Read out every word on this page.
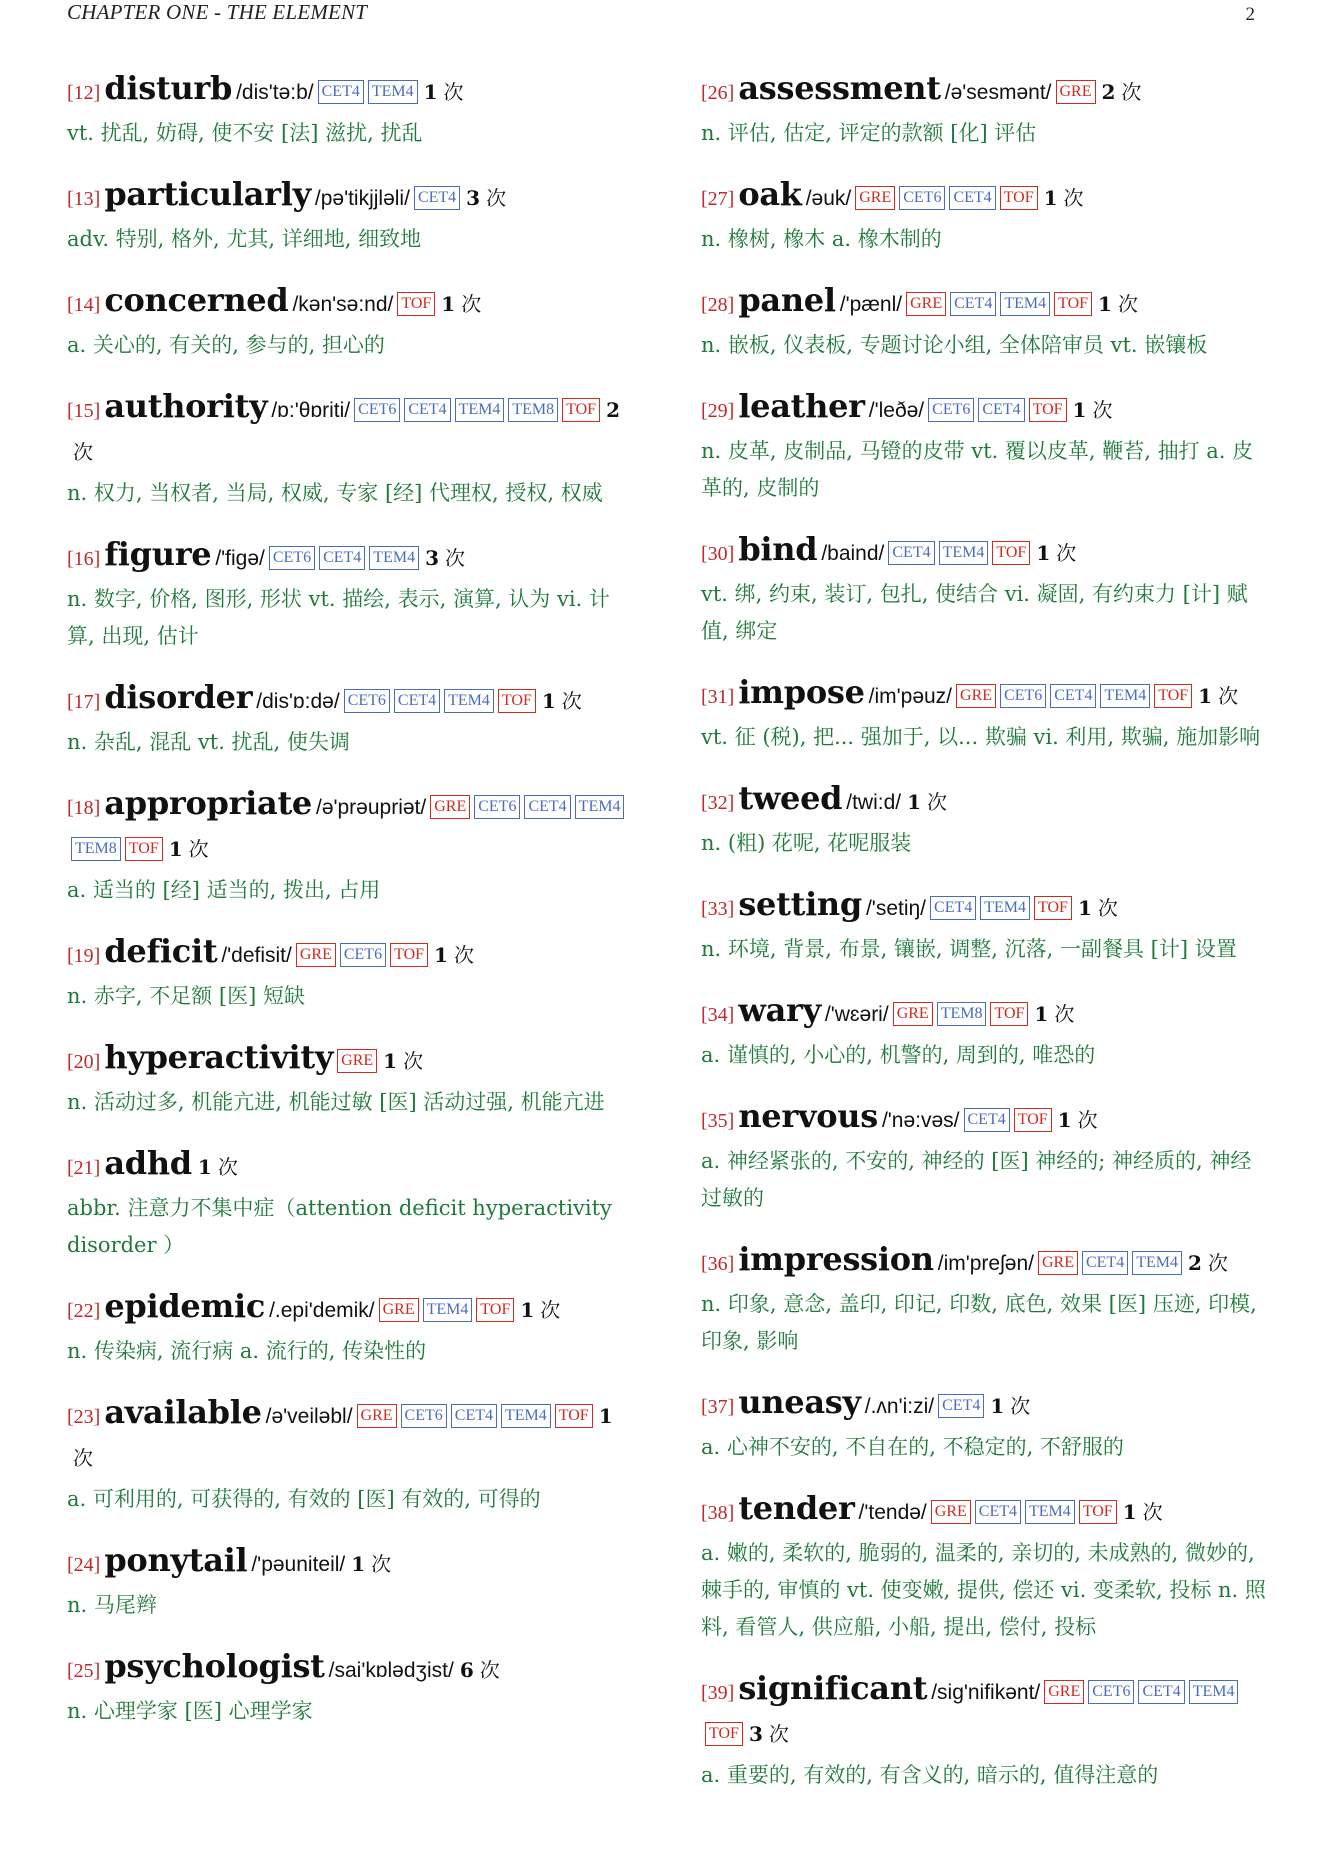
CHAPTER ONE - THE ELEMENT	2
[12] disturb /dis'tə:b/ CET4 TEM4 1 次
vt. 扰乱, 妨碍, 使不安 [法] 滋扰, 扰乱
[13] particularly /pə'tikjjləli/ CET4 3 次
adv. 特别, 格外, 尤其, 详细地, 细致地
[14] concerned /kən'sə:nd/ TOF 1 次
a. 关心的, 有关的, 参与的, 担心的
[15] authority /ɒ:'θɒriti/ CET6 CET4 TEM4 TEM8 TOF 2次
n. 权力, 当权者, 当局, 权威, 专家 [经] 代理权, 授权, 权威
[16] figure /'figə/ CET6 CET4 TEM4 3 次
n. 数字, 价格, 图形, 形状 vt. 描绘, 表示, 演算, 认为 vi. 计算, 出现, 估计
[17] disorder /dis'ɒ:də/ CET6 CET4 TEM4 TOF 1 次
n. 杂乱, 混乱 vt. 扰乱, 使失调
[18] appropriate /ə'prəupriət/ GRE CET6 CET4 TEM4TEM8 TOF 1 次
a. 适当的 [经] 适当的, 拨出, 占用
[19] deficit /'defisit/ GRE CET6 TOF 1 次
n. 赤字, 不足额 [医] 短缺
[20] hyperactivity GRE 1 次
n. 活动过多, 机能亢进, 机能过敏 [医] 活动过强, 机能亢进
[21] adhd 1 次
abbr. 注意力不集中症（attention deficit hyperactivity disorder ）
[22] epidemic /.epi'demik/ GRE TEM4 TOF 1 次
n. 传染病, 流行病 a. 流行的, 传染性的
[23] available /ə'veiləbl/ GRE CET6 CET4 TEM4 TOF 1次
a. 可利用的, 可获得的, 有效的 [医] 有效的, 可得的
[24] ponytail /'pəuniteil/ 1 次
n. 马尾辫
[25] psychologist /sai'kɒlədʒist/ 6 次
n. 心理学家 [医] 心理学家
[26] assessment /ə'sesmənt/ GRE 2 次
n. 评估, 估定, 评定的款额 [化] 评估
[27] oak /əuk/ GRE CET6 CET4 TOF 1 次
n. 橡树, 橡木 a. 橡木制的
[28] panel /'pænl/ GRE CET4 TEM4 TOF 1 次
n. 嵌板, 仪表板, 专题讨论小组, 全体陪审员 vt. 嵌镶板
[29] leather /'leðə/ CET6 CET4 TOF 1 次
n. 皮革, 皮制品, 马镫的皮带 vt. 覆以皮革, 鞭苔, 抽打 a. 皮革的, 皮制的
[30] bind /baind/ CET4 TEM4 TOF 1 次
vt. 绑, 约束, 装订, 包扎, 使结合 vi. 凝固, 有约束力 [计] 赋值, 绑定
[31] impose /im'pəuz/ GRE CET6 CET4 TEM4 TOF 1 次
vt. 征 (税), 把... 强加于, 以... 欺骗 vi. 利用, 欺骗, 施加影响
[32] tweed /twi:d/ 1 次
n. (粗) 花呢, 花呢服装
[33] setting /'setiŋ/ CET4 TEM4 TOF 1 次
n. 环境, 背景, 布景, 镶嵌, 调整, 沉落, 一副餐具 [计] 设置
[34] wary /'wɛəri/ GRE TEM8 TOF 1 次
a. 谨慎的, 小心的, 机警的, 周到的, 唯恐的
[35] nervous /'nə:vəs/ CET4 TOF 1 次
a. 神经紧张的, 不安的, 神经的 [医] 神经的; 神经质的, 神经过敏的
[36] impression /im'preʃən/ GRE CET4 TEM4 2 次
n. 印象, 意念, 盖印, 印记, 印数, 底色, 效果 [医] 压迹, 印模, 印象, 影响
[37] uneasy /.ʌn'i:zi/ CET4 1 次
a. 心神不安的, 不自在的, 不稳定的, 不舒服的
[38] tender /'tendə/ GRE CET4 TEM4 TOF 1 次
a. 嫩的, 柔软的, 脆弱的, 温柔的, 亲切的, 未成熟的, 微妙的, 棘手的, 审慎的 vt. 使变嫩, 提供, 偿还 vi. 变柔软, 投标 n. 照料, 看管人, 供应船, 小船, 提出, 偿付, 投标
[39] significant /sig'nifikənt/ GRE CET6 CET4 TEM4TOF 3 次
a. 重要的, 有效的, 有含义的, 暗示的, 值得注意的
